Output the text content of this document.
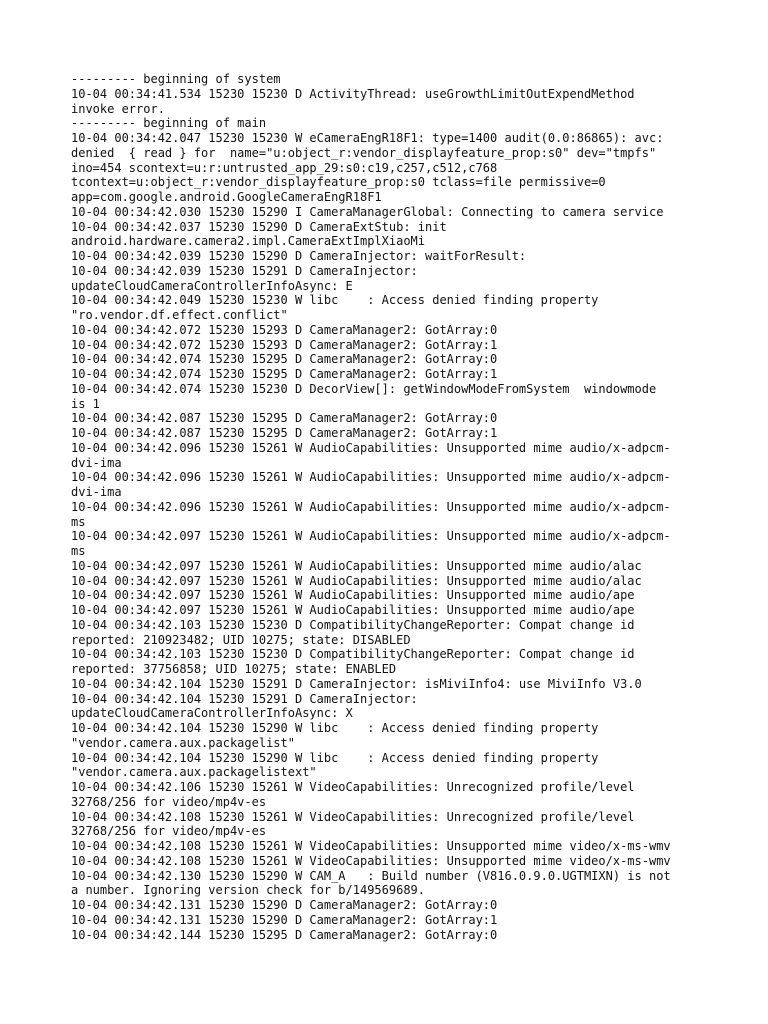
--------- beginning of system
10-04 00:34:41.534 15230 15230 D ActivityThread: useGrowthLimitOutExpendMethod
invoke error.
--------- beginning of main
10-04 00:34:42.047 15230 15230 W eCameraEngR18F1: type=1400 audit(0.0:86865): avc:
denied  { read } for  name="u:object_r:vendor_displayfeature_prop:s0" dev="tmpfs"
ino=454 scontext=u:r:untrusted_app_29:s0:c19,c257,c512,c768
tcontext=u:object_r:vendor_displayfeature_prop:s0 tclass=file permissive=0
app=com.google.android.GoogleCameraEngR18F1
10-04 00:34:42.030 15230 15290 I CameraManagerGlobal: Connecting to camera service
10-04 00:34:42.037 15230 15290 D CameraExtStub: init
android.hardware.camera2.impl.CameraExtImplXiaoMi
10-04 00:34:42.039 15230 15290 D CameraInjector: waitForResult:
10-04 00:34:42.039 15230 15291 D CameraInjector:
updateCloudCameraControllerInfoAsync: E
10-04 00:34:42.049 15230 15230 W libc    : Access denied finding property
"ro.vendor.df.effect.conflict"
10-04 00:34:42.072 15230 15293 D CameraManager2: GotArray:0
10-04 00:34:42.072 15230 15293 D CameraManager2: GotArray:1
10-04 00:34:42.074 15230 15295 D CameraManager2: GotArray:0
10-04 00:34:42.074 15230 15295 D CameraManager2: GotArray:1
10-04 00:34:42.074 15230 15230 D DecorView[]: getWindowModeFromSystem  windowmode
is 1
10-04 00:34:42.087 15230 15295 D CameraManager2: GotArray:0
10-04 00:34:42.087 15230 15295 D CameraManager2: GotArray:1
10-04 00:34:42.096 15230 15261 W AudioCapabilities: Unsupported mime audio/x-adpcm-
dvi-ima
10-04 00:34:42.096 15230 15261 W AudioCapabilities: Unsupported mime audio/x-adpcm-
dvi-ima
10-04 00:34:42.096 15230 15261 W AudioCapabilities: Unsupported mime audio/x-adpcm-
ms
10-04 00:34:42.097 15230 15261 W AudioCapabilities: Unsupported mime audio/x-adpcm-
ms
10-04 00:34:42.097 15230 15261 W AudioCapabilities: Unsupported mime audio/alac
10-04 00:34:42.097 15230 15261 W AudioCapabilities: Unsupported mime audio/alac
10-04 00:34:42.097 15230 15261 W AudioCapabilities: Unsupported mime audio/ape
10-04 00:34:42.097 15230 15261 W AudioCapabilities: Unsupported mime audio/ape
10-04 00:34:42.103 15230 15230 D CompatibilityChangeReporter: Compat change id
reported: 210923482; UID 10275; state: DISABLED
10-04 00:34:42.103 15230 15230 D CompatibilityChangeReporter: Compat change id
reported: 37756858; UID 10275; state: ENABLED
10-04 00:34:42.104 15230 15291 D CameraInjector: isMiviInfo4: use MiviInfo V3.0
10-04 00:34:42.104 15230 15291 D CameraInjector:
updateCloudCameraControllerInfoAsync: X
10-04 00:34:42.104 15230 15290 W libc    : Access denied finding property
"vendor.camera.aux.packagelist"
10-04 00:34:42.104 15230 15290 W libc    : Access denied finding property
"vendor.camera.aux.packagelistext"
10-04 00:34:42.106 15230 15261 W VideoCapabilities: Unrecognized profile/level
32768/256 for video/mp4v-es
10-04 00:34:42.108 15230 15261 W VideoCapabilities: Unrecognized profile/level
32768/256 for video/mp4v-es
10-04 00:34:42.108 15230 15261 W VideoCapabilities: Unsupported mime video/x-ms-wmv
10-04 00:34:42.108 15230 15261 W VideoCapabilities: Unsupported mime video/x-ms-wmv
10-04 00:34:42.130 15230 15290 W CAM_A   : Build number (V816.0.9.0.UGTMIXN) is not
a number. Ignoring version check for b/149569689.
10-04 00:34:42.131 15230 15290 D CameraManager2: GotArray:0
10-04 00:34:42.131 15230 15290 D CameraManager2: GotArray:1
10-04 00:34:42.144 15230 15295 D CameraManager2: GotArray:0
